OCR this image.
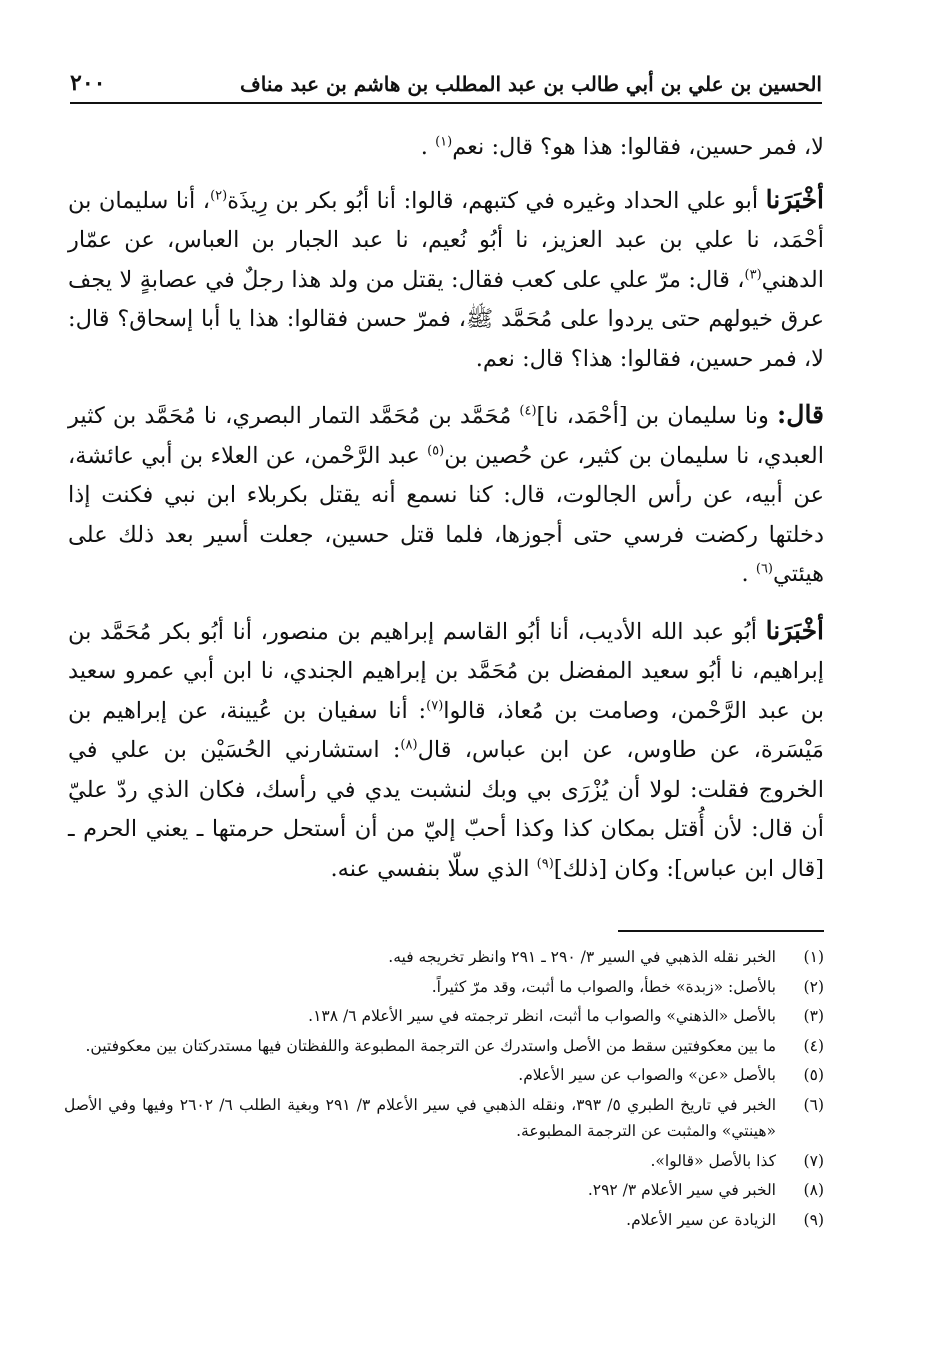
الحسين بن علي بن أبي طالب بن عبد المطلب بن هاشم بن عبد مناف
٢٠٠

لا، فمر حسين، فقالوا: هذا هو؟ قال: نعم$^{(١)}$ .

أخْبَرَنا أبو علي الحداد وغيره في كتبهم، قالوا: أنا أبُو بكر بن رِيذَة$^{(٢)}$، أنا سليمان بن أحْمَد، نا علي بن عبد العزيز، نا أبُو نُعيم، نا عبد الجبار بن العباس، عن عمّار الدهني$^{(٣)}$، قال: مرّ علي على كعب فقال: يقتل من ولد هذا رجلٌ في عصابةٍ لا يجف عرق خيولهم حتى يردوا على مُحَمَّد ﷺ، فمرّ حسن فقالوا: هذا يا أبا إسحاق؟ قال: لا، فمر حسين، فقالوا: هذا؟ قال: نعم.

قال: ونا سليمان بن [أحْمَد، نا]$^{(٤)}$ مُحَمَّد بن مُحَمَّد التمار البصري، نا مُحَمَّد بن كثير العبدي، نا سليمان بن كثير، عن حُصين بن$^{(٥)}$ عبد الرَّحْمن، عن العلاء بن أبي عائشة، عن أبيه، عن رأس الجالوت، قال: كنا نسمع أنه يقتل بكربلاء ابن نبي فكنت إذا دخلتها ركضت فرسي حتى أجوزها، فلما قتل حسين، جعلت أسير بعد ذلك على هيئتي$^{(٦)}$ .

أخْبَرَنا أبُو عبد الله الأديب، أنا أبُو القاسم إبراهيم بن منصور، أنا أبُو بكر مُحَمَّد بن إبراهيم، نا أبُو سعيد المفضل بن مُحَمَّد بن إبراهيم الجندي، نا ابن أبي عمرو سعيد بن عبد الرَّحْمن، وصامت بن مُعاذ، قالوا$^{(٧)}$: أنا سفيان بن عُيينة، عن إبراهيم بن مَيْسَرة، عن طاوس، عن ابن عباس، قال$^{(٨)}$: استشارني الحُسَيْن بن علي في الخروج فقلت: لولا أن يُزْرَى بي وبك لنشبت يدي في رأسك، فكان الذي ردّ عليّ أن قال: لأن أُقتل بمكان كذا وكذا أحبّ إليّ من أن أستحل حرمتها ـ يعني الحرم ـ [قال ابن عباس]: وكان [ذلك]$^{(٩)}$ الذي سلّا بنفسي عنه.

(١)
الخبر نقله الذهبي في السير ٣/ ٢٩٠ ـ ٢٩١ وانظر تخريجه فيه.
(٢)
بالأصل: «زبدة» خطأ، والصواب ما أثبت، وقد مرّ كثيراً.
(٣)
بالأصل «الذهني» والصواب ما أثبت، انظر ترجمته في سير الأعلام ٦/ ١٣٨.
(٤)
ما بين معكوفتين سقط من الأصل واستدرك عن الترجمة المطبوعة واللفظتان فيها مستدركتان بين معكوفتين.
(٥)
بالأصل «عن» والصواب عن سير الأعلام.
(٦)
الخبر في تاريخ الطبري ٥/ ٣٩٣، ونقله الذهبي في سير الأعلام ٣/ ٢٩١ وبغية الطلب ٦/ ٢٦٠٢ وفيها وفي الأصل «هينتي» والمثبت عن الترجمة المطبوعة.
(٧)
كذا بالأصل «قالوا».
(٨)
الخبر في سير الأعلام ٣/ ٢٩٢.
(٩)
الزيادة عن سير الأعلام.
